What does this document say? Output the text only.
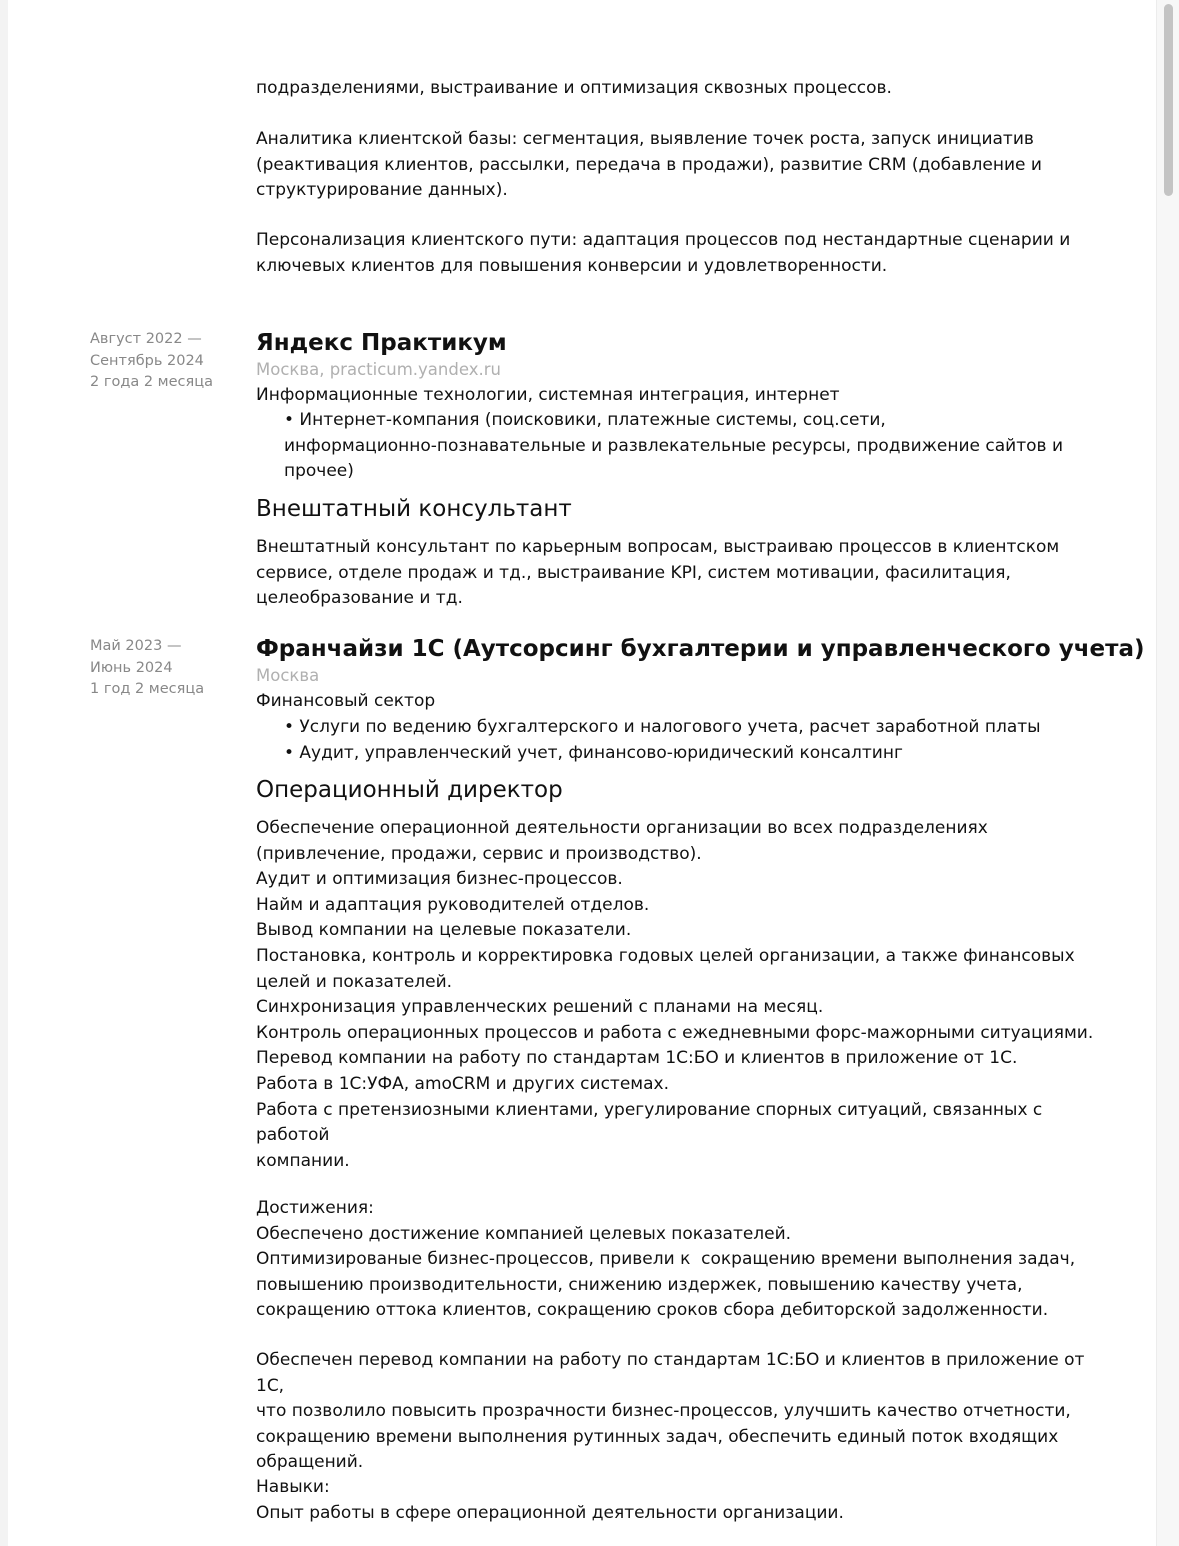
подразделениями, выстраивание и оптимизация сквозных процессов.

Аналитика клиентской базы: сегментация, выявление точек роста, запуск инициатив
(реактивация клиентов, рассылки, передача в продажи), развитие CRM (добавление и
структурирование данных).

Персонализация клиентского пути: адаптация процессов под нестандартные сценарии и
ключевых клиентов для повышения конверсии и удовлетворенности.

Август 2022 —
Сентябрь 2024
2 года 2 месяца
Яндекс Практикум
Москва, practicum.yandex.ru
Информационные технологии, системная интеграция, интернет
• Интернет-компания (поисковики, платежные системы, соц.сети,
информационно-познавательные и развлекательные ресурсы, продвижение сайтов и
прочее)
Внештатный консультант

Внештатный консультант по карьерным вопросам, выстраиваю процессов в клиентском
сервисе, отделе продаж и тд., выстраивание KPI, систем мотивации, фасилитация,
целеобразование и тд.

Май 2023 —
Июнь 2024
1 год 2 месяца
Франчайзи 1С (Аутсорсинг бухгалтерии и управленческого учета)
Москва
Финансовый сектор
• Услуги по ведению бухгалтерского и налогового учета, расчет заработной платы
• Аудит, управленческий учет, финансово-юридический консалтинг
Операционный директор

Обеспечение операционной деятельности организации во всех подразделениях
(привлечение, продажи, сервис и производство).
Аудит и оптимизация бизнес-процессов.
Найм и адаптация руководителей отделов.
Вывод компании на целевые показатели.
Постановка, контроль и корректировка годовых целей организации, а также финансовых
целей и показателей.
Синхронизация управленческих решений с планами на месяц.
Контроль операционных процессов и работа с ежедневными форс-мажорными ситуациями.
Перевод компании на работу по стандартам 1С:БО и клиентов в приложение от 1С.
Работа в 1С:УФА, amoCRM и других системах.
Работа с претензиозными клиентами, урегулирование спорных ситуаций, связанных с работой
компании.

Достижения:
Обеспечено достижение компанией целевых показателей.
Оптимизированые бизнес-процессов, привели к  сокращению времени выполнения задач,
повышению производительности, снижению издержек, повышению качеству учета,
сокращению оттока клиентов, сокращению сроков сбора дебиторской задолженности.

Обеспечен перевод компании на работу по стандартам 1С:БО и клиентов в приложение от 1С,
что позволило повысить прозрачности бизнес-процессов, улучшить качество отчетности,
сокращению времени выполнения рутинных задач, обеспечить единый поток входящих
обращений.

Навыки:
Опыт работы в сфере операционной деятельности организации.
